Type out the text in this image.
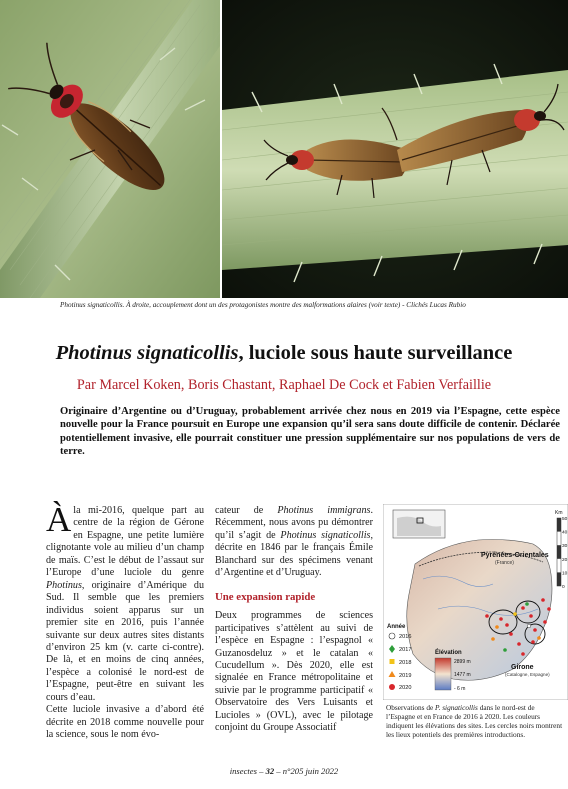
Photinus signaticollis. À droite, accouplement dont un des protagonistes montre des malformations alaires (voir texte) - Clichés Lucas Rubio
Photinus signaticollis, luciole sous haute surveillance
Par Marcel Koken, Boris Chastant, Raphael De Cock et Fabien Verfaillie
Originaire d’Argentine ou d’Uruguay, probablement arrivée chez nous en 2019 via l’Espagne, cette espèce nouvelle pour la France poursuit en Europe une expansion qu’il sera sans doute difficile de contenir. Déclarée potentiellement invasive, elle pourrait constituer une pression supplémentaire sur nos populations de vers de terre.

À la mi-2016, quelque part au centre de la région de Gérone en Espagne, une petite lumière clignotante vole au milieu d’un champ de maïs. C’est le début de l’assaut sur l’Europe d’une luciole du genre Photinus, originaire d’Amérique du Sud. Il semble que les premiers individus soient apparus sur un premier site en 2016, puis l’année suivante sur deux autres sites distants d’environ 25 km (v. carte ci-contre). De là, et en moins de cinq années, l’espèce a colonisé le nord-est de l’Espagne, peut-être en suivant les cours d’eau.

Cette luciole invasive a d’abord été décrite en 2018 comme nouvelle pour la science, sous le nom évo-

cateur de Photinus immigrans. Récemment, nous avons pu démontrer qu’il s’agit de Photinus signaticollis, décrite en 1846 par le français Émile Blanchard sur des spécimens venant d’Argentine et d’Uruguay.

Une expansion rapide

Deux programmes de sciences participatives s’attèlent au suivi de l’espèce en Espagne : l’espagnol « Guzanosdeluz » et le catalan « Cucudellum ». Dès 2020, elle est signalée en France métropolitaine et suivie par le programme participatif « Observatoire des Vers Luisants et Lucioles » (OVL), avec le pilotage conjoint du Groupe Associatif

Pyrénées-Orientales
(France)
Girone
(Catalogne, Espagne)
Km
50
40
30
20
10
0
Année
2016
2017
2018
2019
2020
Élévation
2899 m
1477 m
- 6 m
Observations de P. signaticollis dans le nord-est de l’Espagne et en France de 2016 à 2020. Les couleurs indiquent les élévations des sites. Les cercles noirs montrent les lieux potentiels des premières introductions.
insectes – 32 – n°205 juin 2022
